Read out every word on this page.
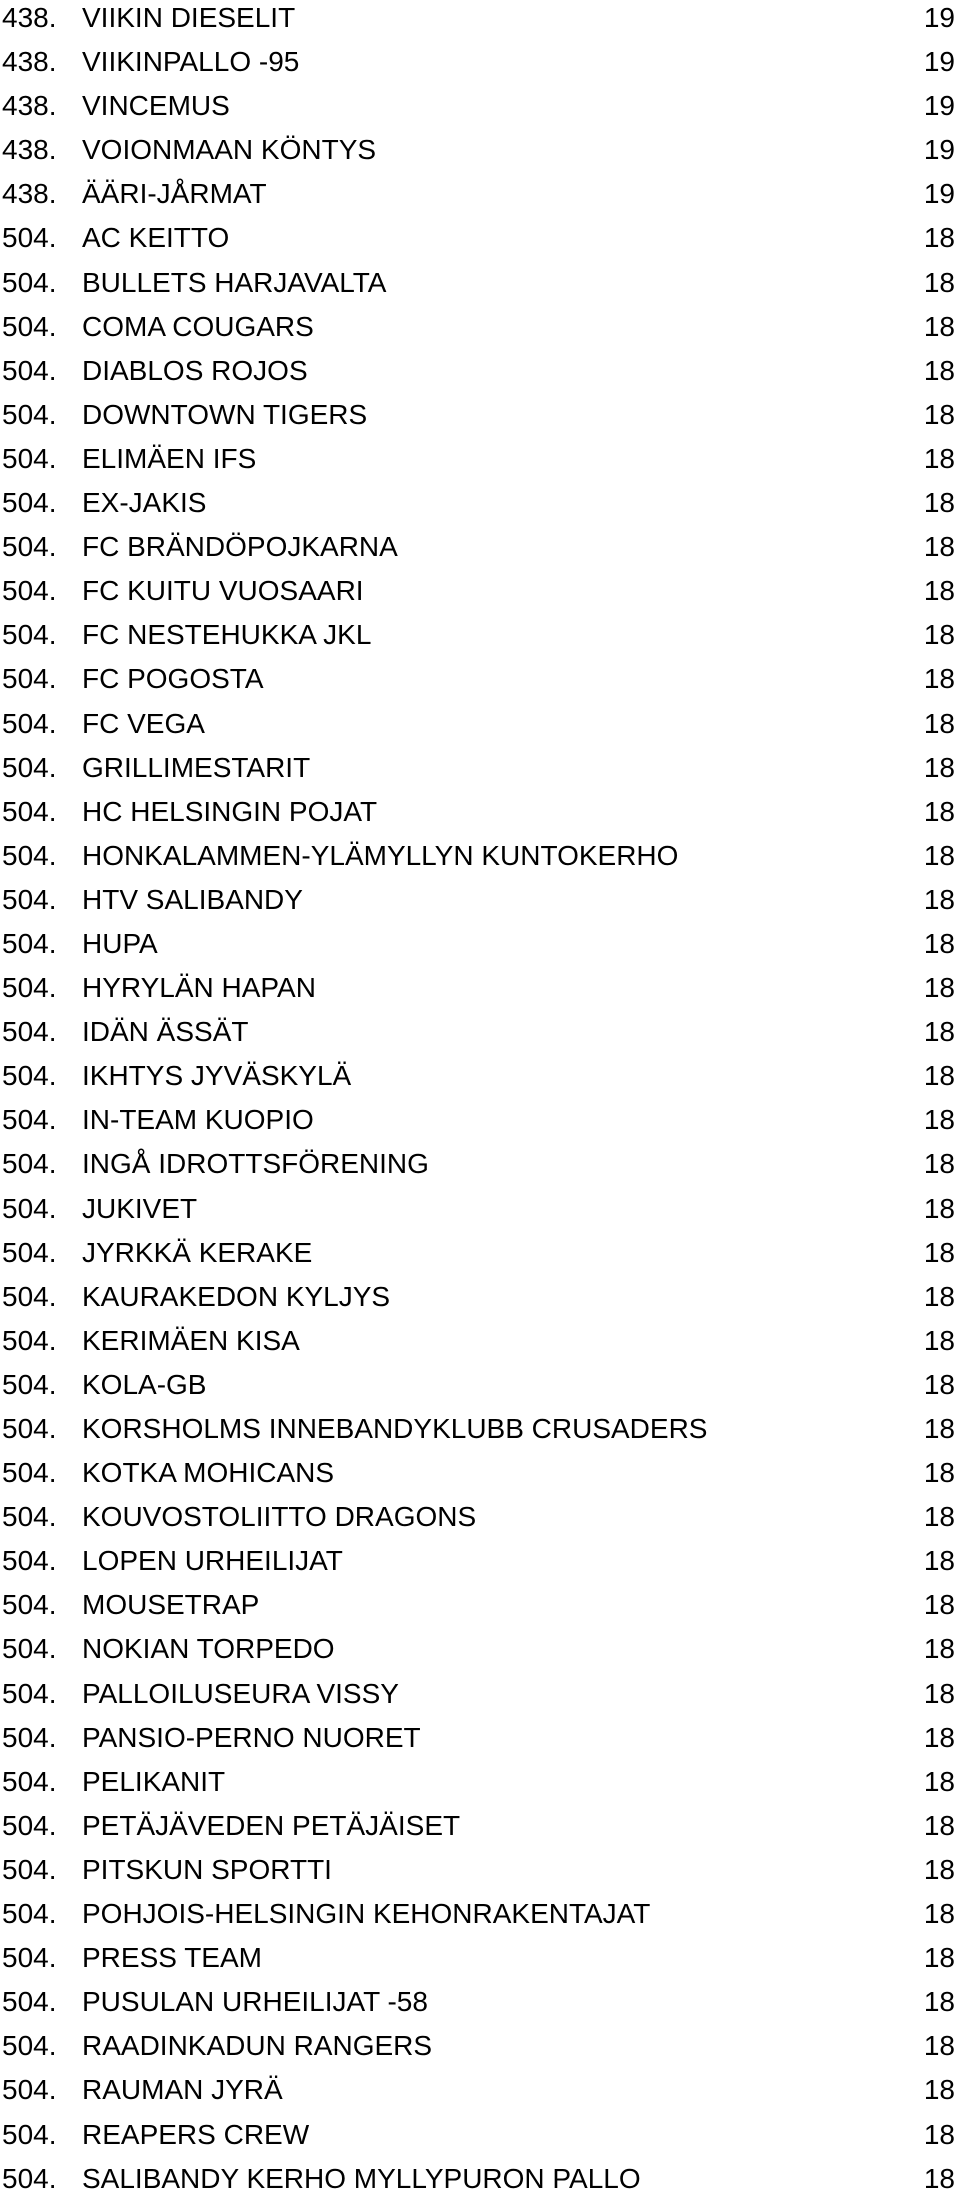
438. VIIKIN DIESELIT	19
438. VIIKINPALLO -95	19
438. VINCEMUS	19
438. VOIONMAAN KÖNTYS	19
438. ÄÄRI-JÅRMAT	19
504. AC KEITTO	18
504. BULLETS HARJAVALTA	18
504. COMA COUGARS	18
504. DIABLOS ROJOS	18
504. DOWNTOWN TIGERS	18
504. ELIMÄEN IFS	18
504. EX-JAKIS	18
504. FC BRÄNDÖPOJKARNA	18
504. FC KUITU VUOSAARI	18
504. FC NESTEHUKKA JKL	18
504. FC POGOSTA	18
504. FC VEGA	18
504. GRILLIMESTARIT	18
504. HC HELSINGIN POJAT	18
504. HONKALAMMEN-YLÄMYLLYN KUNTOKERHO	18
504. HTV SALIBANDY	18
504. HUPA	18
504. HYRYLÄN HAPAN	18
504. IDÄN ÄSSÄT	18
504. IKHTYS JYVÄSKYLÄ	18
504. IN-TEAM KUOPIO	18
504. INGÅ IDROTTSFÖRENING	18
504. JUKIVET	18
504. JYRKKÄ KERAKE	18
504. KAURAKEDON KYLJYS	18
504. KERIMÄEN KISA	18
504. KOLA-GB	18
504. KORSHOLMS INNEBANDYKLUBB CRUSADERS	18
504. KOTKA MOHICANS	18
504. KOUVOSTOLIITTO DRAGONS	18
504. LOPEN URHEILIJAT	18
504. MOUSETRAP	18
504. NOKIAN TORPEDO	18
504. PALLOILUSEURA VISSY	18
504. PANSIO-PERNO NUORET	18
504. PELIKANIT	18
504. PETÄJÄVEDEN PETÄJÄISET	18
504. PITSKUN SPORTTI	18
504. POHJOIS-HELSINGIN KEHONRAKENTAJAT	18
504. PRESS TEAM	18
504. PUSULAN URHEILIJAT -58	18
504. RAADINKADUN RANGERS	18
504. RAUMAN JYRÄ	18
504. REAPERS CREW	18
504. SALIBANDY KERHO MYLLYPURON PALLO	18
